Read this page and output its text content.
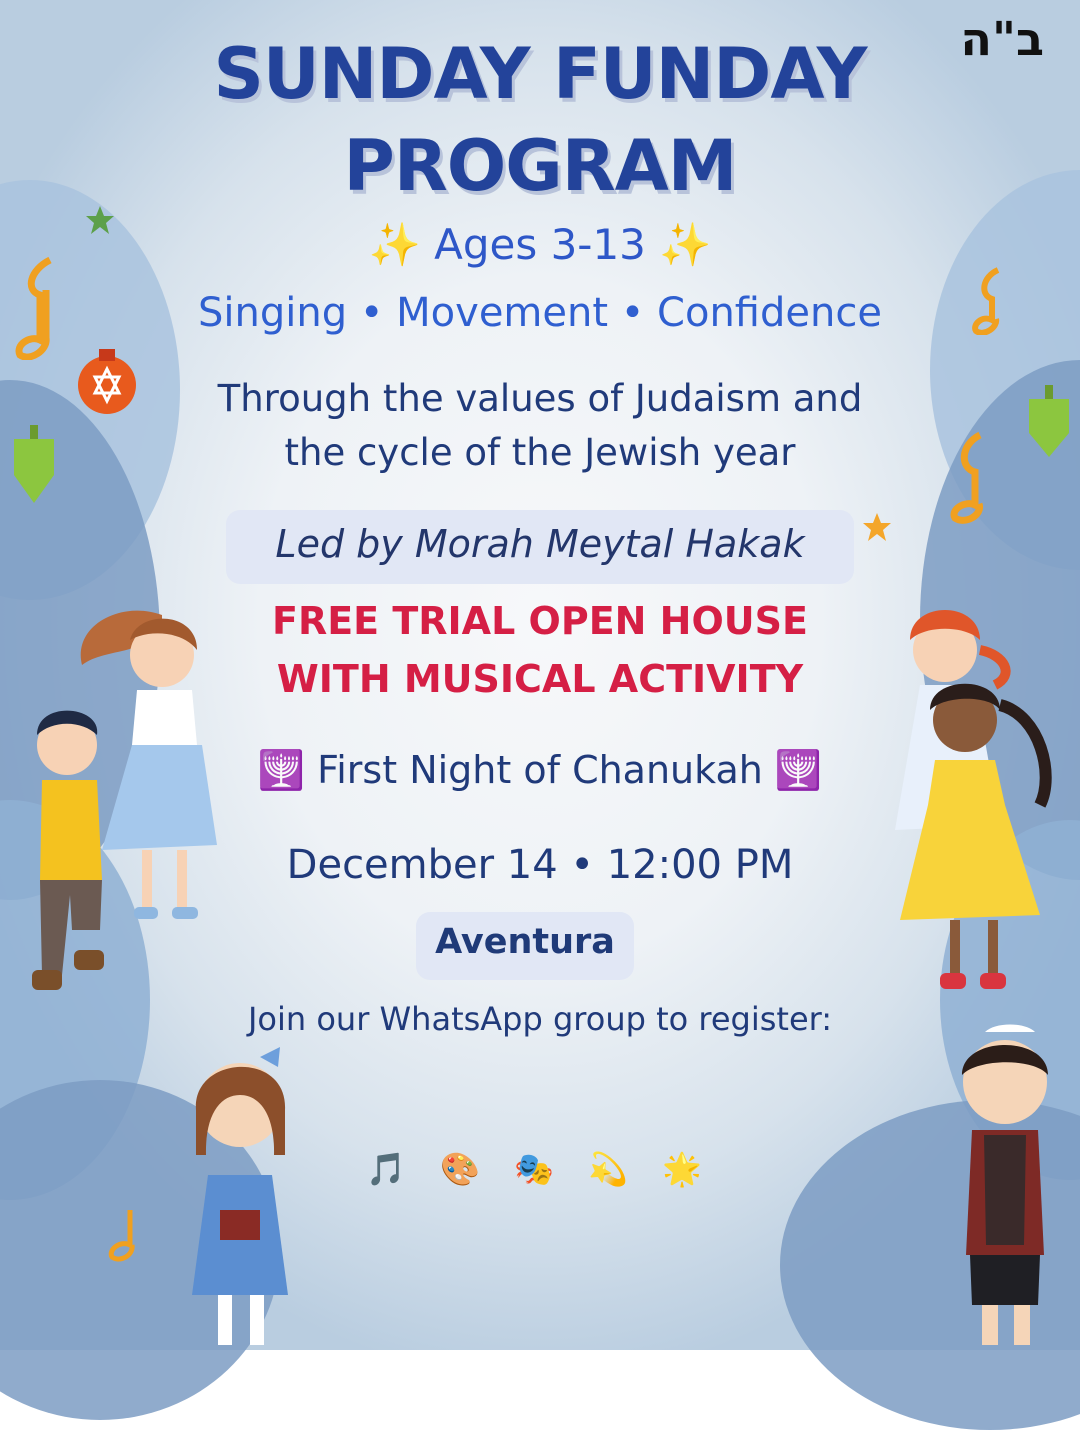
ב"ה
SUNDAY FUNDAY
PROGRAM
✨ Ages 3-13 ✨
Singing • Movement • Confidence
Through the values of Judaism and
the cycle of the Jewish year
Led by Morah Meytal Hakak
FREE TRIAL OPEN HOUSE
WITH MUSICAL ACTIVITY
🕎 First Night of Chanukah 🕎
December 14 • 12:00 PM
Aventura
Join our WhatsApp group to register:
🎵 🎨 🎭 💫 🌟
